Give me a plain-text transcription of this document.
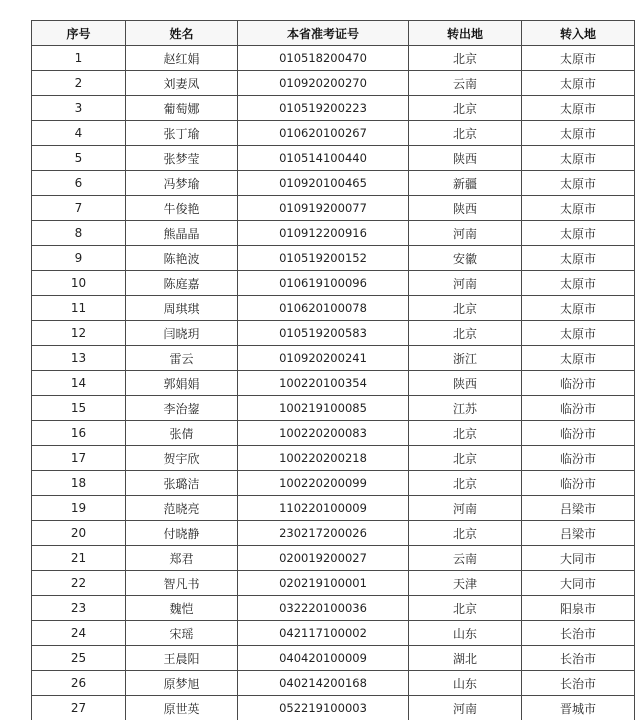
序号	姓名	本省准考证号	转出地	转入地
1	赵红娟	010518200470	北京	太原市
2	刘妻凤	010920200270	云南	太原市
3	葡萄娜	010519200223	北京	太原市
4	张丁瑜	010620100267	北京	太原市
5	张梦莹	010514100440	陕西	太原市
6	冯梦瑜	010920100465	新疆	太原市
7	牛俊艳	010919200077	陕西	太原市
8	熊晶晶	010912200916	河南	太原市
9	陈艳波	010519200152	安徽	太原市
10	陈庭嘉	010619100096	河南	太原市
11	周琪琪	010620100078	北京	太原市
12	闫晓玥	010519200583	北京	太原市
13	雷云	010920200241	浙江	太原市
14	郭娟娟	100220100354	陕西	临汾市
15	李治鋆	100219100085	江苏	临汾市
16	张倩	100220200083	北京	临汾市
17	贺宇欣	100220200218	北京	临汾市
18	张璐洁	100220200099	北京	临汾市
19	范晓亮	110220100009	河南	吕梁市
20	付晓静	230217200026	北京	吕梁市
21	郑君	020019200027	云南	大同市
22	智凡书	020219100001	天津	大同市
23	魏恺	032220100036	北京	阳泉市
24	宋瑶	042117100002	山东	长治市
25	王晨阳	040420100009	湖北	长治市
26	原梦旭	040214200168	山东	长治市
27	原世英	052219100003	河南	晋城市
